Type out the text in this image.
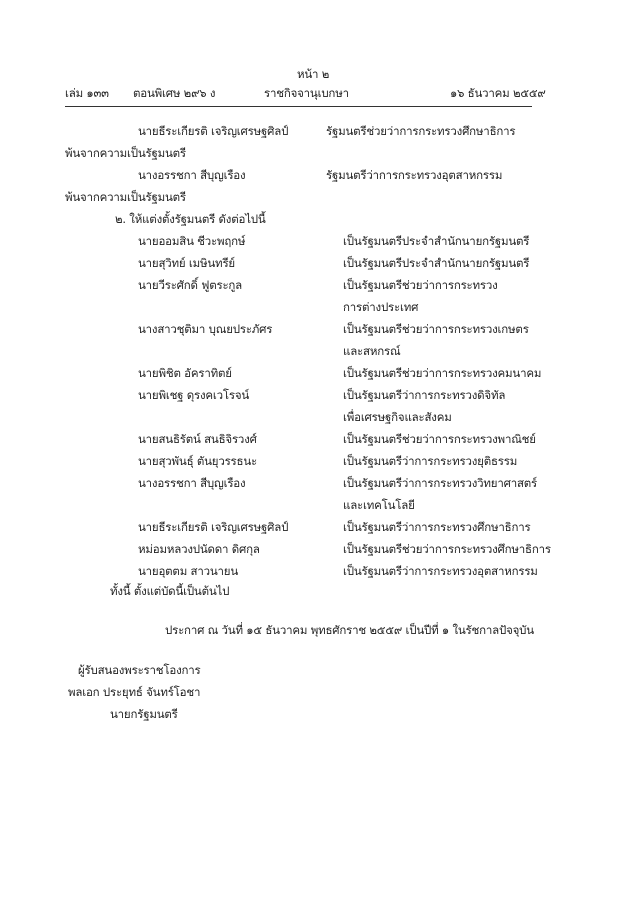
หน้า ๒
เล่ม ๑๓๓ ตอนพิเศษ ๒๙๖ ง	ราชกิจจานุเบกษา	๑๖ ธันวาคม ๒๕๕๙
นายธีระเกียรติ เจริญเศรษฐศิลป์	รัฐมนตรีช่วยว่าการกระทรวงศึกษาธิการ
พ้นจากความเป็นรัฐมนตรี
นางอรรชกา สีบุญเรือง	รัฐมนตรีว่าการกระทรวงอุตสาหกรรม
พ้นจากความเป็นรัฐมนตรี
๒. ให้แต่งตั้งรัฐมนตรี ดังต่อไปนี้
นายออมสิน ชีวะพฤกษ์	เป็นรัฐมนตรีประจำสำนักนายกรัฐมนตรี
นายสุวิทย์ เมษินทรีย์	เป็นรัฐมนตรีประจำสำนักนายกรัฐมนตรี
นายวีระศักดิ์ ฟูตระกูล	เป็นรัฐมนตรีช่วยว่าการกระทรวง
การต่างประเทศ
นางสาวชุติมา บุณยประภัศร	เป็นรัฐมนตรีช่วยว่าการกระทรวงเกษตร
และสหกรณ์
นายพิชิต อัคราทิตย์	เป็นรัฐมนตรีช่วยว่าการกระทรวงคมนาคม
นายพิเชฐ ดุรงคเวโรจน์	เป็นรัฐมนตรีว่าการกระทรวงดิจิทัล
เพื่อเศรษฐกิจและสังคม
นายสนธิรัตน์ สนธิจิรวงศ์	เป็นรัฐมนตรีช่วยว่าการกระทรวงพาณิชย์
นายสุวพันธุ์ ตันยุวรรธนะ	เป็นรัฐมนตรีว่าการกระทรวงยุติธรรม
นางอรรชกา สีบุญเรือง	เป็นรัฐมนตรีว่าการกระทรวงวิทยาศาสตร์
และเทคโนโลยี
นายธีระเกียรติ เจริญเศรษฐศิลป์	เป็นรัฐมนตรีว่าการกระทรวงศึกษาธิการ
หม่อมหลวงปนัดดา ดิศกุล	เป็นรัฐมนตรีช่วยว่าการกระทรวงศึกษาธิการ
นายอุตตม สาวนายน	เป็นรัฐมนตรีว่าการกระทรวงอุตสาหกรรม
ทั้งนี้ ตั้งแต่บัดนี้เป็นต้นไป
ประกาศ ณ วันที่ ๑๕ ธันวาคม พุทธศักราช ๒๕๕๙ เป็นปีที่ ๑ ในรัชกาลปัจจุบัน
ผู้รับสนองพระราชโองการ
พลเอก ประยุทธ์ จันทร์โอชา
นายกรัฐมนตรี
